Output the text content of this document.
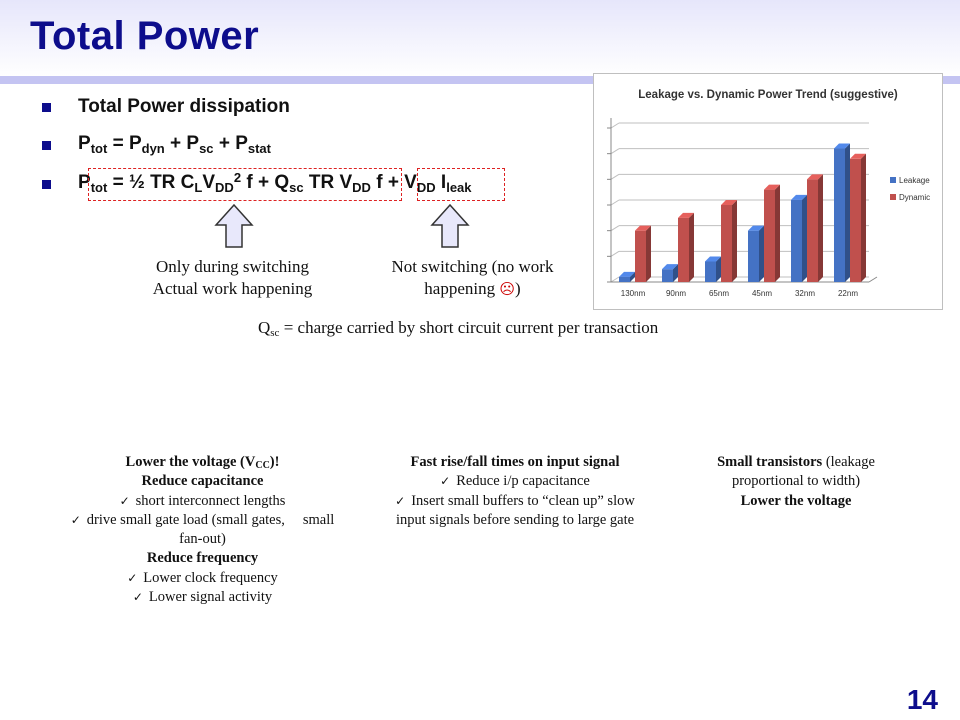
Total Power
Total Power dissipation
$P_{tot} = P_{dyn} + P_{sc} + P_{stat}$
$P_{tot}$ = ½ TR $C_LV_{DD}^2$ $f + Q_{sc}$ TR $V_{DD}$ $f + V_{DD}$ $I_{leak}$
Only during switching
Actual work happening
Not switching (no work
happening ☹)
$Q_{sc}$ = charge carried by short circuit current per transaction
Leakage vs. Dynamic Power Trend (suggestive)
130nm	90nm	65nm	45nm	32nm	22nm
Leakage
Dynamic
Lower the voltage $(V_{CC})$!
Reduce capacitance
✓ short interconnect lengths
✓ drive small gate load (small gates, small
fan-out)
Reduce frequency
✓ Lower clock frequency
✓ Lower signal activity
Fast rise/fall times on input signal
✓ Reduce i/p capacitance
✓ Insert small buffers to “clean up” slow
input signals before sending to large gate
Small transistors (leakage
proportional to width)
Lower the voltage
14
